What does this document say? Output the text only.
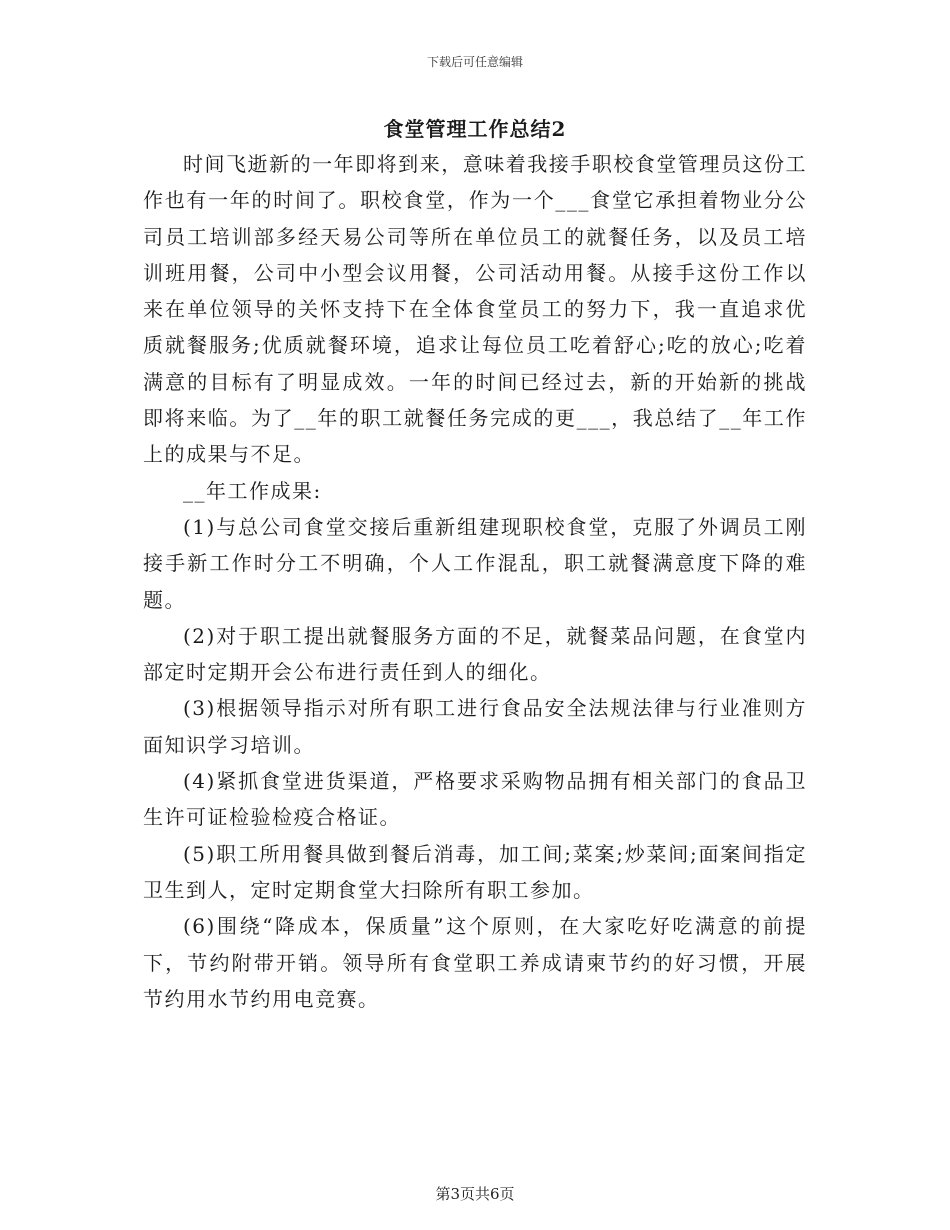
下载后可任意编辑
食堂管理工作总结2

时间飞逝新的一年即将到来，意味着我接手职校食堂管理员这份工作也有一年的时间了。职校食堂，作为一个___食堂它承担着物业分公司员工培训部多经天易公司等所在单位员工的就餐任务，以及员工培训班用餐，公司中小型会议用餐，公司活动用餐。从接手这份工作以来在单位领导的关怀支持下在全体食堂员工的努力下，我一直追求优质就餐服务;优质就餐环境，追求让每位员工吃着舒心;吃的放心;吃着满意的目标有了明显成效。一年的时间已经过去，新的开始新的挑战即将来临。为了__年的职工就餐任务完成的更___，我总结了__年工作上的成果与不足。

__年工作成果:

(1)与总公司食堂交接后重新组建现职校食堂，克服了外调员工刚接手新工作时分工不明确，个人工作混乱，职工就餐满意度下降的难题。

(2)对于职工提出就餐服务方面的不足，就餐菜品问题，在食堂内部定时定期开会公布进行责任到人的细化。

(3)根据领导指示对所有职工进行食品安全法规法律与行业准则方面知识学习培训。

(4)紧抓食堂进货渠道，严格要求采购物品拥有相关部门的食品卫生许可证检验检疫合格证。

(5)职工所用餐具做到餐后消毒，加工间;菜案;炒菜间;面案间指定卫生到人，定时定期食堂大扫除所有职工参加。

(6)围绕“降成本，保质量”这个原则，在大家吃好吃满意的前提下，节约附带开销。领导所有食堂职工养成请柬节约的好习惯，开展节约用水节约用电竞赛。

第3页共6页
